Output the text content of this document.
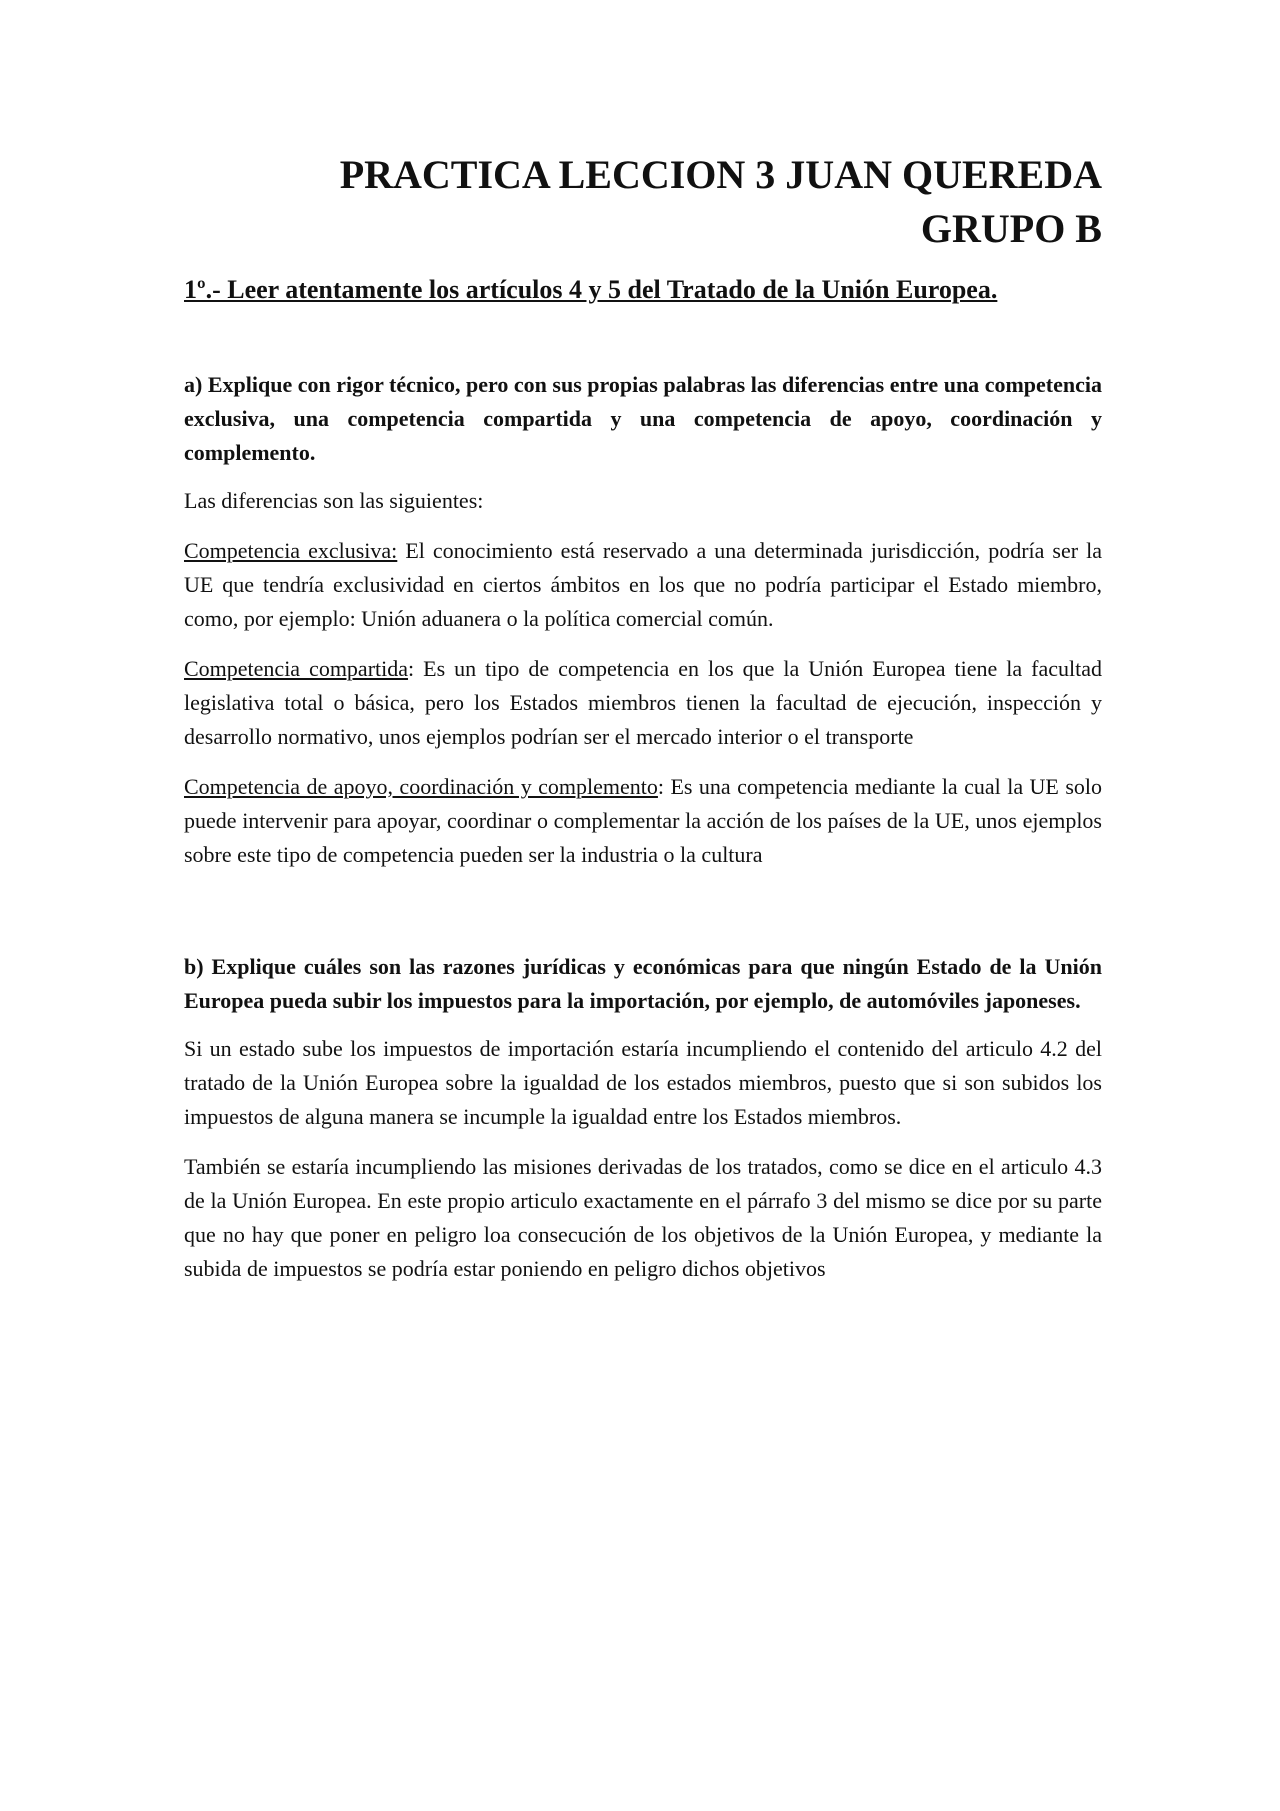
PRACTICA LECCION 3 JUAN QUEREDA
GRUPO B
1º.- Leer atentamente los artículos 4 y 5 del Tratado de la Unión Europea.

a) Explique con rigor técnico, pero con sus propias palabras las diferencias entre una competencia exclusiva, una competencia compartida y una competencia de apoyo, coordinación y complemento.

Las diferencias son las siguientes:

Competencia exclusiva: El conocimiento está reservado a una determinada jurisdicción, podría ser la UE que tendría exclusividad en ciertos ámbitos en los que no podría participar el Estado miembro, como, por ejemplo: Unión aduanera o la política comercial común.

Competencia compartida: Es un tipo de competencia en los que la Unión Europea tiene la facultad legislativa total o básica, pero los Estados miembros tienen la facultad de ejecución, inspección y desarrollo normativo, unos ejemplos podrían ser el mercado interior o el transporte

Competencia de apoyo, coordinación y complemento: Es una competencia mediante la cual la UE solo puede intervenir para apoyar, coordinar o complementar la acción de los países de la UE, unos ejemplos sobre este tipo de competencia pueden ser la industria o la cultura

b) Explique cuáles son las razones jurídicas y económicas para que ningún Estado de la Unión Europea pueda subir los impuestos para la importación, por ejemplo, de automóviles japoneses.

Si un estado sube los impuestos de importación estaría incumpliendo el contenido del articulo 4.2 del tratado de la Unión Europea sobre la igualdad de los estados miembros, puesto que si son subidos los impuestos de alguna manera se incumple la igualdad entre los Estados miembros.

También se estaría incumpliendo las misiones derivadas de los tratados, como se dice en el articulo 4.3 de la Unión Europea. En este propio articulo exactamente en el párrafo 3 del mismo se dice por su parte que no hay que poner en peligro loa consecución de los objetivos de la Unión Europea, y mediante la subida de impuestos se podría estar poniendo en peligro dichos objetivos
